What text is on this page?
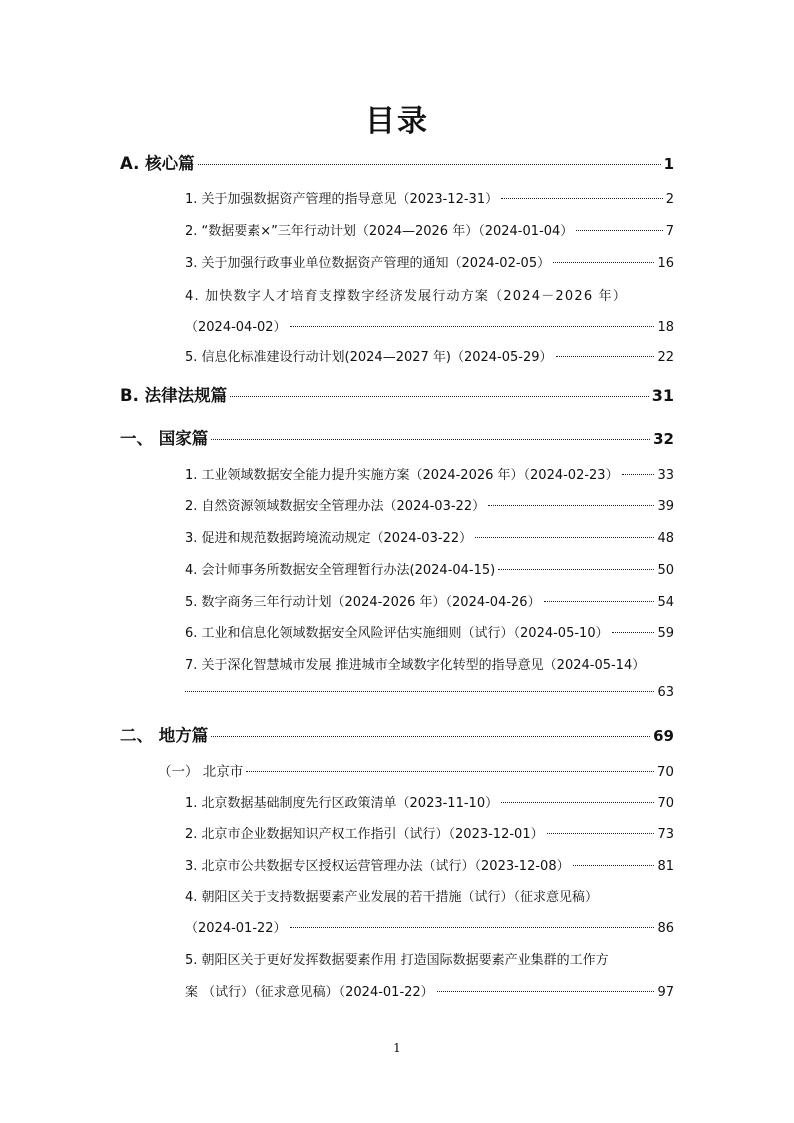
目录
A. 核心篇	1
1. 关于加强数据资产管理的指导意见（2023-12-31）	2
2. “数据要素×”三年行动计划（2024—2026 年）（2024-01-04）	7
3. 关于加强行政事业单位数据资产管理的通知（2024-02-05）	16
4. 加快数字人才培育支撑数字经济发展行动方案（2024－2026 年）
（2024-04-02）	18
5. 信息化标准建设行动计划(2024—2027 年)（2024-05-29）	22
B. 法律法规篇	31
一、 国家篇	32
1. 工业领域数据安全能力提升实施方案（2024-2026 年）（2024-02-23）	33
2. 自然资源领域数据安全管理办法（2024-03-22）	39
3. 促进和规范数据跨境流动规定（2024-03-22）	48
4. 会计师事务所数据安全管理暂行办法(2024-04-15)	50
5. 数字商务三年行动计划（2024-2026 年）（2024-04-26）	54
6. 工业和信息化领域数据安全风险评估实施细则（试行）（2024-05-10）	59
7. 关于深化智慧城市发展 推进城市全域数字化转型的指导意见（2024-05-14）
63
二、 地方篇	69
（一） 北京市	70
1. 北京数据基础制度先行区政策清单（2023-11-10）	70
2. 北京市企业数据知识产权工作指引（试行）（2023-12-01）	73
3. 北京市公共数据专区授权运营管理办法（试行）（2023-12-08）	81
4. 朝阳区关于支持数据要素产业发展的若干措施（试行）（征求意见稿）
（2024-01-22）	86
5. 朝阳区关于更好发挥数据要素作用 打造国际数据要素产业集群的工作方
案 （试行）（征求意见稿）（2024-01-22）	97
1
